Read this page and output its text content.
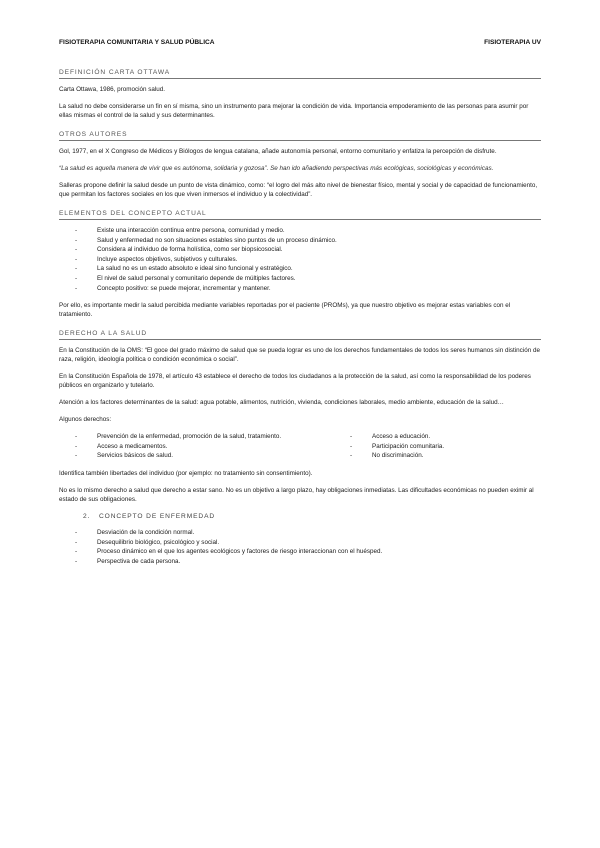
FISIOTERAPIA COMUNITARIA Y SALUD PÚBLICA	FISIOTERAPIA UV
DEFINICIÓN CARTA OTTAWA

Carta Ottawa, 1986, promoción salud.

La salud no debe considerarse un fin en sí misma, sino un instrumento para mejorar la condición de vida. Importancia empoderamiento de las personas para asumir por ellas mismas el control de la salud y sus determinantes.

OTROS AUTORES

Gol, 1977, en el X Congreso de Médicos y Biólogos de lengua catalana, añade autonomía personal, entorno comunitario y enfatiza la percepción de disfrute.

“La salud es aquella manera de vivir que es autónoma, solidaria y gozosa”. Se han ido añadiendo perspectivas más ecológicas, sociológicas y económicas.

Salleras propone definir la salud desde un punto de vista dinámico, como: “el logro del más alto nivel de bienestar físico, mental y social y de capacidad de funcionamiento, que permitan los factores sociales en los que viven inmersos el individuo y la colectividad”.

ELEMENTOS DEL CONCEPTO ACTUAL
- Existe una interacción continua entre persona, comunidad y medio.
- Salud y enfermedad no son situaciones estables sino puntos de un proceso dinámico.
- Considera al individuo de forma holística, como ser biopsicosocial.
- Incluye aspectos objetivos, subjetivos y culturales.
- La salud no es un estado absoluto e ideal sino funcional y estratégico.
- El nivel de salud personal y comunitario depende de múltiples factores.
- Concepto positivo: se puede mejorar, incrementar y mantener.

Por ello, es importante medir la salud percibida mediante variables reportadas por el paciente (PROMs), ya que nuestro objetivo es mejorar estas variables con el tratamiento.

DERECHO A LA SALUD

En la Constitución de la OMS: “El goce del grado máximo de salud que se pueda lograr es uno de los derechos fundamentales de todos los seres humanos sin distinción de raza, religión, ideología política o condición económica o social”.

En la Constitución Española de 1978, el artículo 43 establece el derecho de todos los ciudadanos a la protección de la salud, así como la responsabilidad de los poderes públicos en organizarlo y tutelarlo.

Atención a los factores determinantes de la salud: agua potable, alimentos, nutrición, vivienda, condiciones laborales, medio ambiente, educación de la salud…

Algunos derechos:

- Prevención de la enfermedad, promoción de la salud, tratamiento.
- Acceso a medicamentos.
- Servicios básicos de salud.
- Acceso a educación.
- Participación comunitaria.
- No discriminación.

Identifica también libertades del individuo (por ejemplo: no tratamiento sin consentimiento).

No es lo mismo derecho a salud que derecho a estar sano. No es un objetivo a largo plazo, hay obligaciones inmediatas. Las dificultades económicas no pueden eximir al estado de sus obligaciones.

2.	CONCEPTO DE ENFERMEDAD
- Desviación de la condición normal.
- Desequilibrio biológico, psicológico y social.
- Proceso dinámico en el que los agentes ecológicos y factores de riesgo interaccionan con el huésped.
- Perspectiva de cada persona.
